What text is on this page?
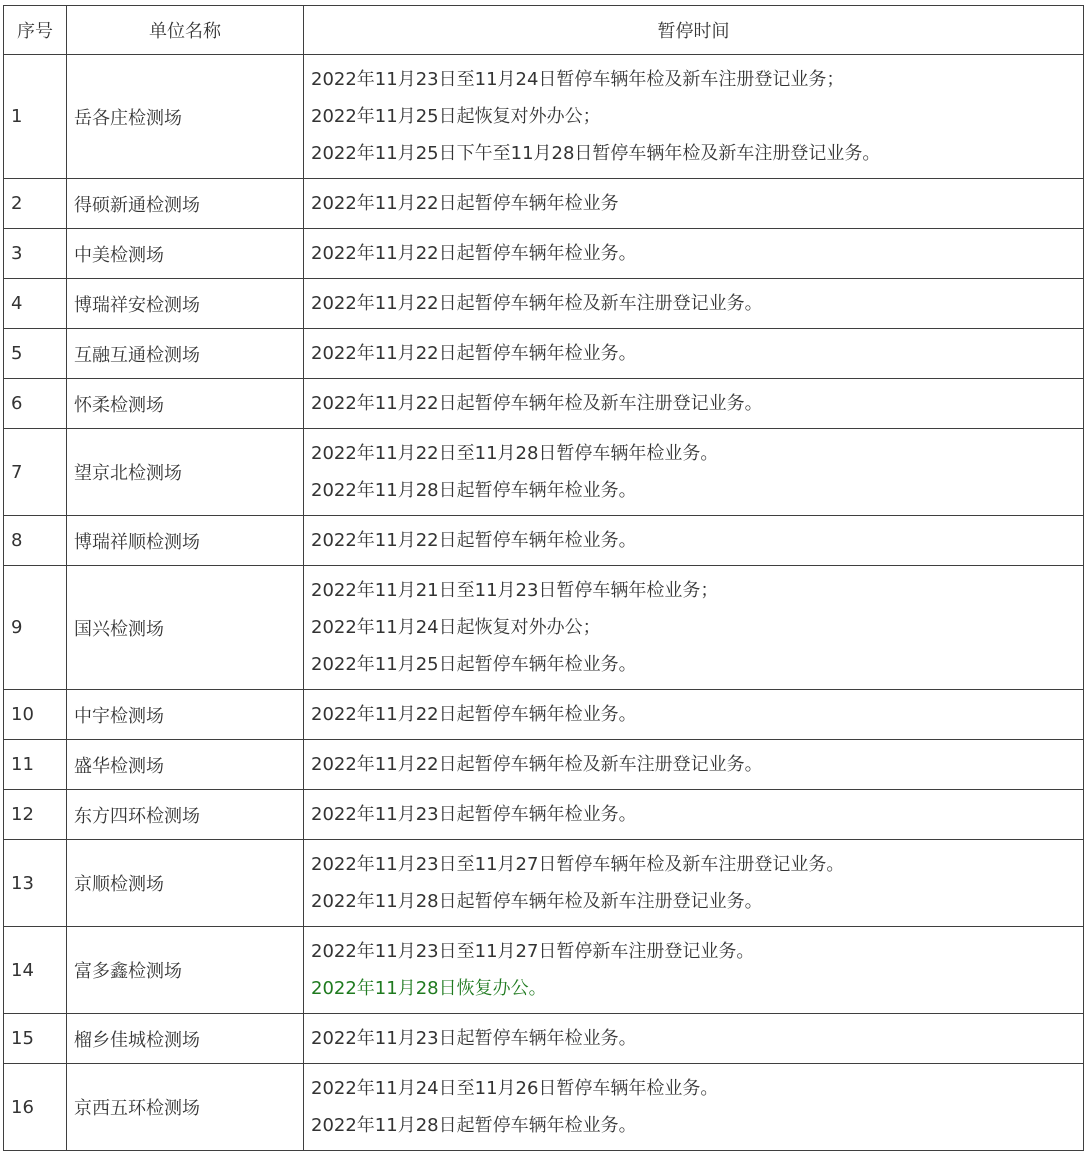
序号	单位名称	暂停时间
1	岳各庄检测场	2022年11月23日至11月24日暂停车辆年检及新车注册登记业务；
2022年11月25日起恢复对外办公；
2022年11月25日下午至11月28日暂停车辆年检及新车注册登记业务。

2	得硕新通检测场	2022年11月22日起暂停车辆年检业务

3	中美检测场	2022年11月22日起暂停车辆年检业务。

4	博瑞祥安检测场	2022年11月22日起暂停车辆年检及新车注册登记业务。

5	互融互通检测场	2022年11月22日起暂停车辆年检业务。

6	怀柔检测场	2022年11月22日起暂停车辆年检及新车注册登记业务。

7	望京北检测场	2022年11月22日至11月28日暂停车辆年检业务。
2022年11月28日起暂停车辆年检业务。

8	博瑞祥顺检测场	2022年11月22日起暂停车辆年检业务。

9	国兴检测场	2022年11月21日至11月23日暂停车辆年检业务；
2022年11月24日起恢复对外办公；
2022年11月25日起暂停车辆年检业务。

10	中宇检测场	2022年11月22日起暂停车辆年检业务。

11	盛华检测场	2022年11月22日起暂停车辆年检及新车注册登记业务。

12	东方四环检测场	2022年11月23日起暂停车辆年检业务。

13	京顺检测场	2022年11月23日至11月27日暂停车辆年检及新车注册登记业务。
2022年11月28日起暂停车辆年检及新车注册登记业务。

14	富多鑫检测场	2022年11月23日至11月27日暂停新车注册登记业务。
2022年11月28日恢复办公。

15	榴乡佳城检测场	2022年11月23日起暂停车辆年检业务。

16	京西五环检测场	2022年11月24日至11月26日暂停车辆年检业务。
2022年11月28日起暂停车辆年检业务。
